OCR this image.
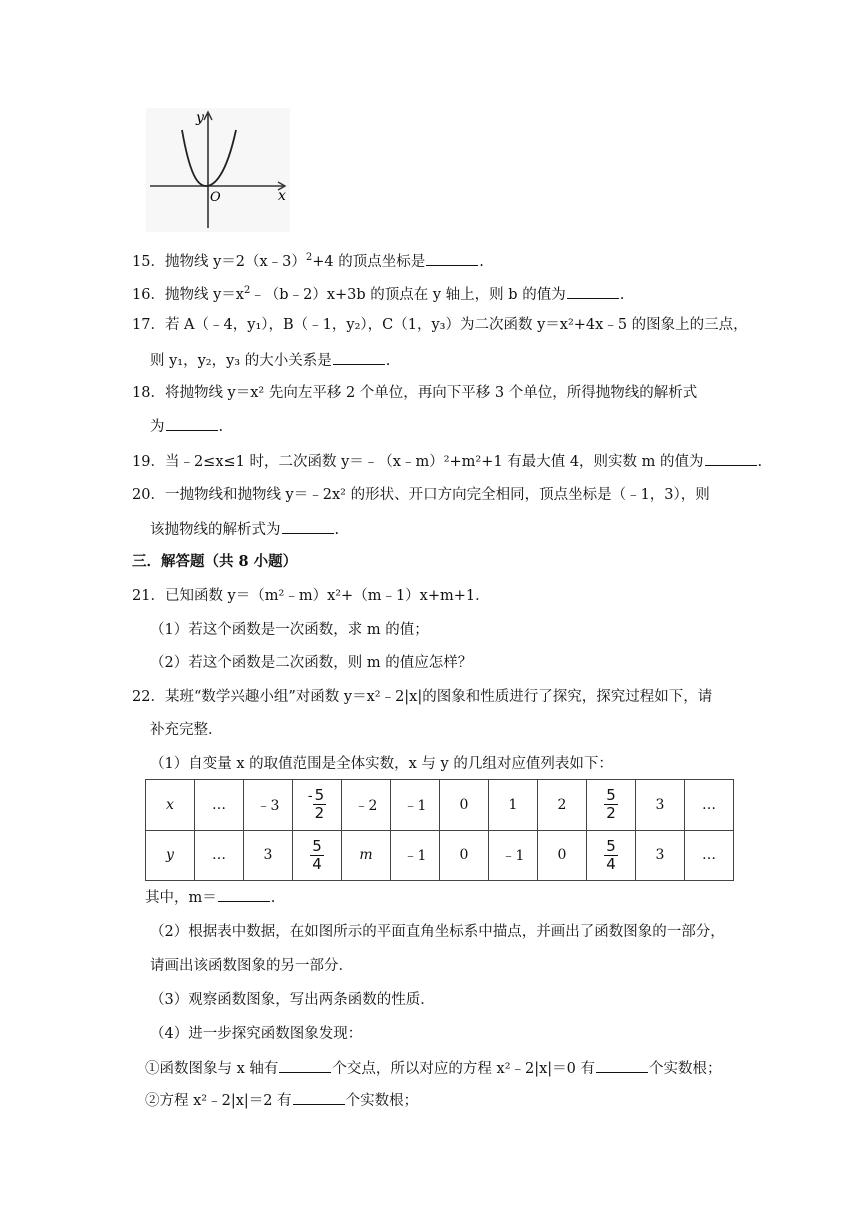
y
x
O
15．抛物线 y＝2（x﹣3）$^2$+4 的顶点坐标是	.
16．抛物线 $y=x^2﹣(b﹣2)x+3b$ 的顶点在 y 轴上，则 b 的值为	.
17．若 A（﹣4，y₁），B（﹣1，y₂），C（1，y₃）为二次函数 y＝x²+4x﹣5 的图象上的三点，
则 y₁，y₂，y₃ 的大小关系是	.
18．将抛物线 y＝x² 先向左平移 2 个单位，再向下平移 3 个单位，所得抛物线的解析式
为	.
19．当﹣2≤x≤1 时，二次函数 y＝﹣（x﹣m）²+m²+1 有最大值 4，则实数 m 的值为	.
20．一抛物线和抛物线 y＝﹣2x² 的形状、开口方向完全相同，顶点坐标是（﹣1，3），则
该抛物线的解析式为	.
三．解答题（共 8 小题）
21．已知函数 y＝（m²﹣m）x²+（m﹣1）x+m+1．
（1）若这个函数是一次函数，求 m 的值；
（2）若这个函数是二次函数，则 m 的值应怎样？
22．某班“数学兴趣小组”对函数 y＝x²﹣2|x|的图象和性质进行了探究，探究过程如下，请
补充完整．
（1）自变量 x 的取值范围是全体实数，x 与 y 的几组对应值列表如下：
x	…	﹣3	- $\frac{5}{2}$	﹣2	﹣1	0	1	2	$\frac{5}{2}$	3	…
y	…	3	$\frac{5}{4}$	m	﹣1	0	﹣1	0	$\frac{5}{4}$	3	…
其中，m＝	.
（2）根据表中数据，在如图所示的平面直角坐标系中描点，并画出了函数图象的一部分，
请画出该函数图象的另一部分．
（3）观察函数图象，写出两条函数的性质．
（4）进一步探究函数图象发现：
①函数图象与 x 轴有	个交点，所以对应的方程 x²﹣2|x|＝0 有	个实数根；
②方程 x²﹣2|x|＝2 有	个实数根；
